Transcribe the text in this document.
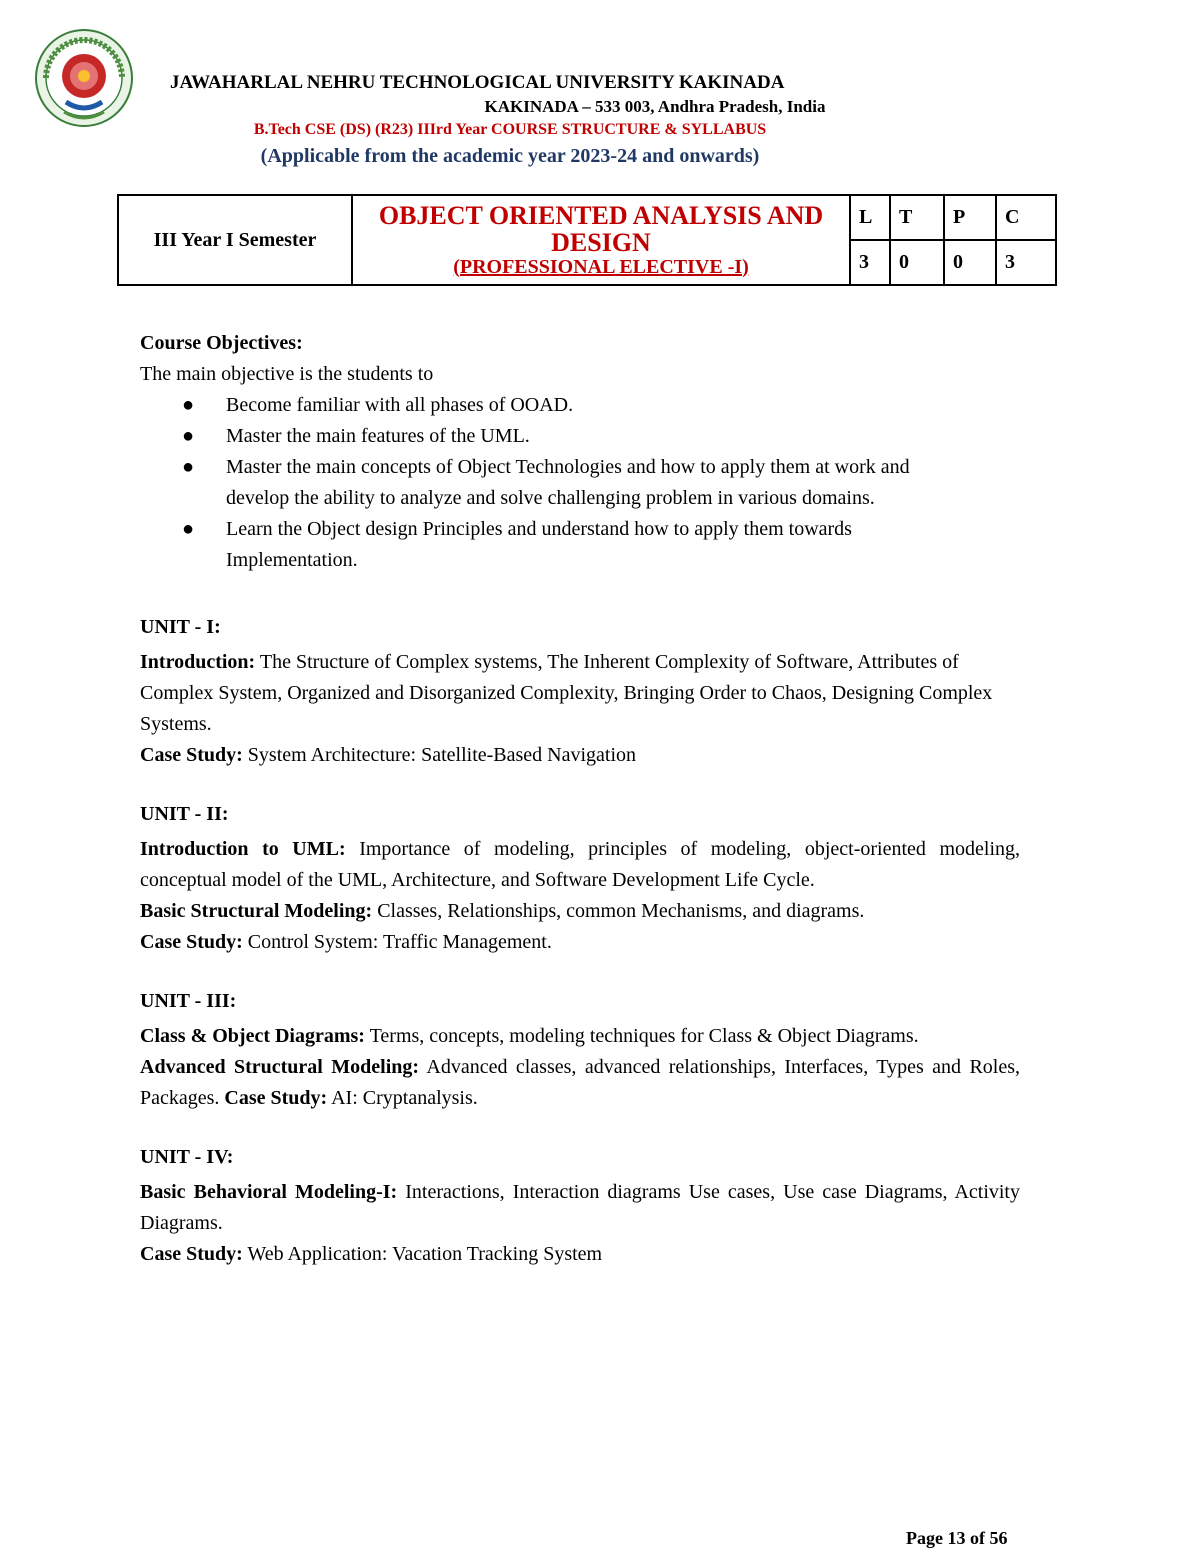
JAWAHARLAL NEHRU TECHNOLOGICAL UNIVERSITY KAKINADA
KAKINADA – 533 003, Andhra Pradesh, India
B.Tech CSE (DS) (R23) IIIrd Year COURSE STRUCTURE & SYLLABUS
(Applicable from the academic year 2023-24 and onwards)
III Year I Semester	OBJECT ORIENTED ANALYSIS AND DESIGN
(PROFESSIONAL ELECTIVE -I)	L	T	P	C
		3	0	0	3
Course Objectives:
The main objective is the students to
●	Become familiar with all phases of OOAD.
●	Master the main features of the UML.
●	Master the main concepts of Object Technologies and how to apply them at work and develop the ability to analyze and solve challenging problem in various domains.
●	Learn the Object design Principles and understand how to apply them towards Implementation.
UNIT - I:
Introduction: The Structure of Complex systems, The Inherent Complexity of Software, Attributes of Complex System, Organized and Disorganized Complexity, Bringing Order to Chaos, Designing Complex Systems.
Case Study: System Architecture: Satellite-Based Navigation
UNIT - II:
Introduction to UML: Importance of modeling, principles of modeling, object-oriented modeling, conceptual model of the UML, Architecture, and Software Development Life Cycle.
Basic Structural Modeling: Classes, Relationships, common Mechanisms, and diagrams.
Case Study: Control System: Traffic Management.
UNIT - III:
Class & Object Diagrams: Terms, concepts, modeling techniques for Class & Object Diagrams.
Advanced Structural Modeling: Advanced classes, advanced relationships, Interfaces, Types and Roles, Packages. Case Study: AI: Cryptanalysis.
UNIT - IV:
Basic Behavioral Modeling-I: Interactions, Interaction diagrams Use cases, Use case Diagrams, Activity Diagrams.
Case Study: Web Application: Vacation Tracking System
Page 13 of 56
